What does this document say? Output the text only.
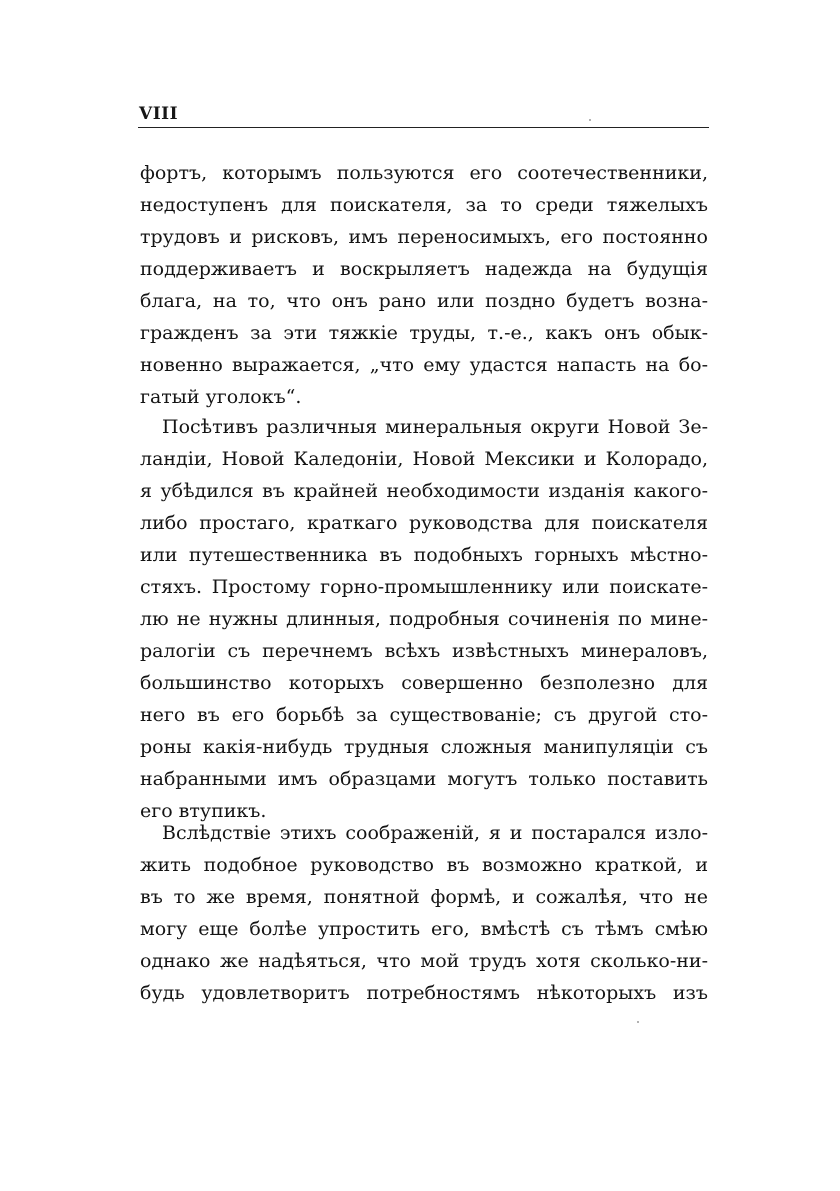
VIII
фортъ, которымъ пользуются его соотечественники,
недоступенъ для поискателя, за то среди тяжелыхъ
трудовъ и рисковъ, имъ переносимыхъ, его постоянно
поддерживаетъ и воскрыляетъ надежда на будущія
блага, на то, что онъ рано или поздно будетъ возна-
гражденъ за эти тяжкіе труды, т.-е., какъ онъ обык-
новенно выражается, „что ему удастся напасть на бо-
гатый уголокъ“.
Посѣтивъ различныя минеральныя округи Новой Зе-
ландіи, Новой Каледоніи, Новой Мексики и Колорадо,
я убѣдился въ крайней необходимости изданія какого-
либо простаго, краткаго руководства для поискателя
или путешественника въ подобныхъ горныхъ мѣстно-
стяхъ. Простому горно-промышленнику или поискате-
лю не нужны длинныя, подробныя сочиненія по мине-
ралогіи съ перечнемъ всѣхъ извѣстныхъ минераловъ,
большинство которыхъ совершенно безполезно для
него въ его борьбѣ за существованіе; съ другой сто-
роны какія-нибудь трудныя сложныя манипуляціи съ
набранными имъ образцами могутъ только поставить
его втупикъ.
Вслѣдствіе этихъ соображеній, я и постарался изло-
жить подобное руководство въ возможно краткой, и
въ то же время, понятной формѣ, и сожалѣя, что не
могу еще болѣе упростить его, вмѣстѣ съ тѣмъ смѣю
однако же надѣяться, что мой трудъ хотя сколько-ни-
будь удовлетворитъ потребностямъ нѣкоторыхъ изъ
